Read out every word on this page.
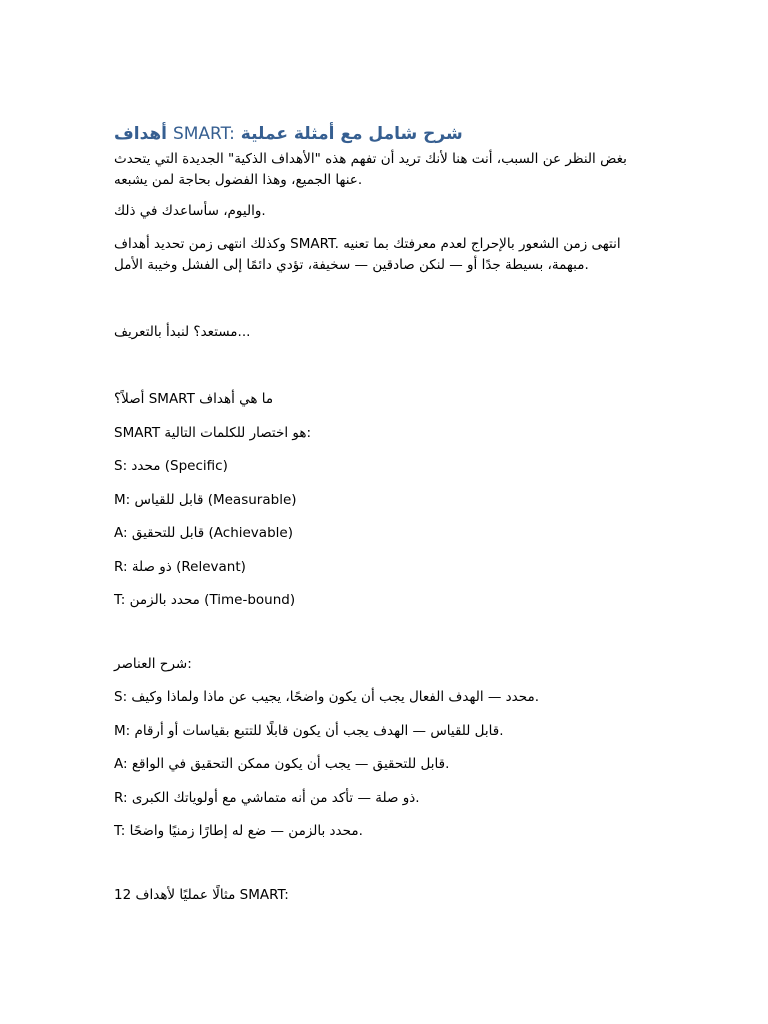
أهداف SMART: شرح شامل مع أمثلة عملية
بغض النظر عن السبب، أنت هنا لأنك تريد أن تفهم هذه "الأهداف الذكية" الجديدة التي يتحدث
عنها الجميع، وهذا الفضول بحاجة لمن يشبعه.
واليوم، سأساعدك في ذلك.
وكذلك انتهى زمن تحديد أهداف SMART. انتهى زمن الشعور بالإحراج لعدم معرفتك بما تعنيه
مبهمة، بسيطة جدًا أو — لنكن صادقين — سخيفة، تؤدي دائمًا إلى الفشل وخيبة الأمل.
مستعد؟ لنبدأ بالتعريف...
أصلاً؟ SMART ما هي أهداف
SMART هو اختصار للكلمات التالية:
S: محدد (Specific)
M: قابل للقياس (Measurable)
A: قابل للتحقيق (Achievable)
R: ذو صلة (Relevant)
T: محدد بالزمن (Time-bound)
شرح العناصر:
S: محدد — الهدف الفعال يجب أن يكون واضحًا، يجيب عن ماذا ولماذا وكيف.
M: قابل للقياس — الهدف يجب أن يكون قابلًا للتتبع بقياسات أو أرقام.
A: قابل للتحقيق — يجب أن يكون ممكن التحقيق في الواقع.
R: ذو صلة — تأكد من أنه متماشي مع أولوياتك الكبرى.
T: محدد بالزمن — ضع له إطارًا زمنيًا واضحًا.
12 مثالًا عمليًا لأهداف SMART:
